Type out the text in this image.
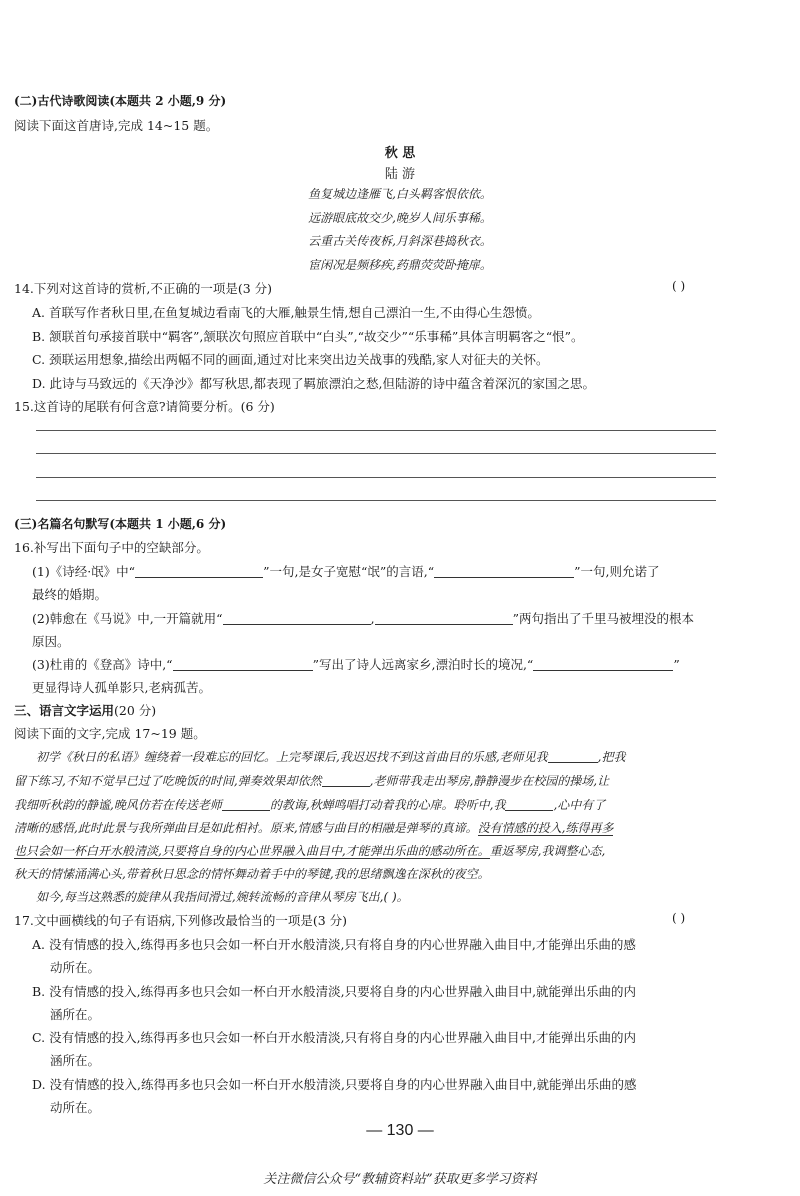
(二)古代诗歌阅读(本题共 2 小题,9 分)
阅读下面这首唐诗,完成 14~15 题。
秋 思
陆 游
鱼复城边逢雁飞,白头羁客恨依依。
远游眼底故交少,晚岁人间乐事稀。
云重古关传夜柝,月斜深巷捣秋衣。
宦闲况是频移疾,药鼎荧荧卧掩扉。
14.下列对这首诗的赏析,不正确的一项是(3 分)	( )
A. 首联写作者秋日里,在鱼复城边看南飞的大雁,触景生情,想自己漂泊一生,不由得心生怨愤。
B. 颔联首句承接首联中“羁客”,颔联次句照应首联中“白头”,“故交少”“乐事稀”具体言明羁客之“恨”。
C. 颈联运用想象,描绘出两幅不同的画面,通过对比来突出边关战事的残酷,家人对征夫的关怀。
D. 此诗与马致远的《天净沙》都写秋思,都表现了羁旅漂泊之愁,但陆游的诗中蕴含着深沉的家国之思。
15.这首诗的尾联有何含意?请简要分析。(6 分)
(三)名篇名句默写(本题共 1 小题,6 分)
16.补写出下面句子中的空缺部分。
(1)《诗经·氓》中“	”一句,是女子宽慰“氓”的言语,“	”一句,则允诺了
最终的婚期。
(2)韩愈在《马说》中,一开篇就用“	,	”两句指出了千里马被埋没的根本
原因。
(3)杜甫的《登高》诗中,“	”写出了诗人远离家乡,漂泊时长的境况,“	”
更显得诗人孤单影只,老病孤苦。
三、语言文字运用(20 分)
阅读下面的文字,完成 17~19 题。
初学《秋日的私语》缠绕着一段难忘的回忆。上完琴课后,我迟迟找不到这首曲目的乐感,老师见我	,把我
留下练习,不知不觉早已过了吃晚饭的时间,弹奏效果却依然	,老师带我走出琴房,静静漫步在校园的操场,让
我细听秋韵的静谧,晚风仿若在传送老师	的教诲,秋蝉鸣唱打动着我的心扉。聆听中,我	,心中有了
清晰的感悟,此时此景与我所弹曲目是如此相衬。原来,情感与曲目的相融是弹琴的真谛。没有情感的投入,练得再多
也只会如一杯白开水般清淡,只要将自身的内心世界融入曲目中,才能弹出乐曲的感动所在。重返琴房,我调整心态,
秋天的情愫涌满心头,带着秋日思念的情怀舞动着手中的琴键,我的思绪飘逸在深秋的夜空。
如今,每当这熟悉的旋律从我指间滑过,婉转流畅的音律从琴房飞出,( )。
17.文中画横线的句子有语病,下列修改最恰当的一项是(3 分)	( )
A. 没有情感的投入,练得再多也只会如一杯白开水般清淡,只有将自身的内心世界融入曲目中,才能弹出乐曲的感
动所在。
B. 没有情感的投入,练得再多也只会如一杯白开水般清淡,只要将自身的内心世界融入曲目中,就能弹出乐曲的内
涵所在。
C. 没有情感的投入,练得再多也只会如一杯白开水般清淡,只有将自身的内心世界融入曲目中,才能弹出乐曲的内
涵所在。
D. 没有情感的投入,练得再多也只会如一杯白开水般清淡,只要将自身的内心世界融入曲目中,就能弹出乐曲的感
动所在。
— 130 —
关注微信公众号“教辅资料站”获取更多学习资料
